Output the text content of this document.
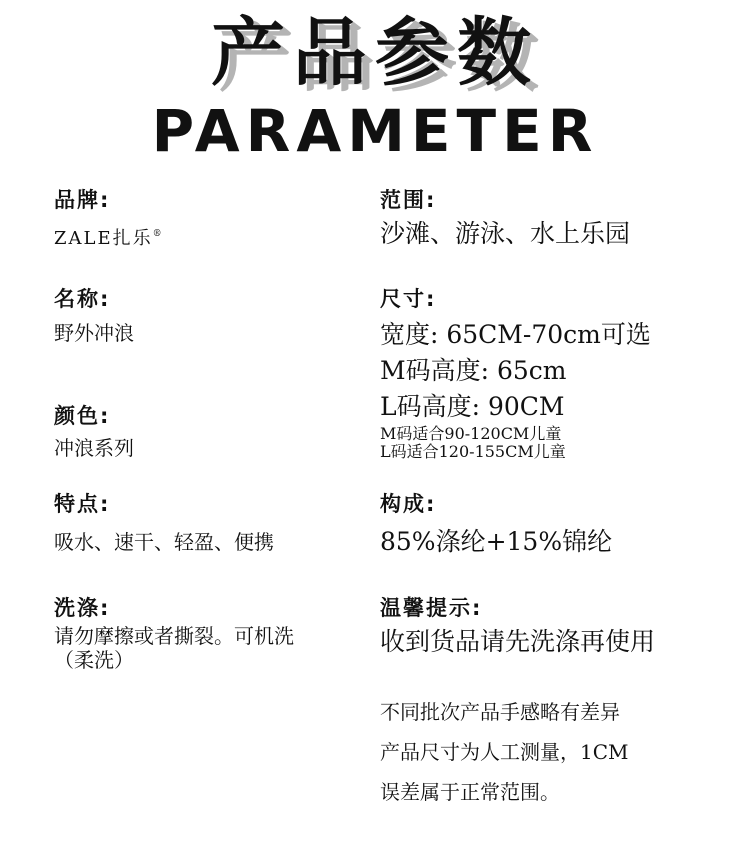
产品参数
PARAMETER
品牌:
ZALE扎乐®
名称:
野外冲浪
颜色:
冲浪系列
特点:
吸水、速干、轻盈、便携
洗涤:
请勿摩擦或者撕裂。可机洗（柔洗）
范围:
沙滩、游泳、水上乐园
尺寸:
宽度: 65CM-70cm可选
M码高度: 65cm
L码高度: 90CM
M码适合90-120CM儿童
L码适合120-155CM儿童
构成:
85%涤纶+15%锦纶
温馨提示:
收到货品请先洗涤再使用
不同批次产品手感略有差异
产品尺寸为人工测量，1CM
误差属于正常范围。
